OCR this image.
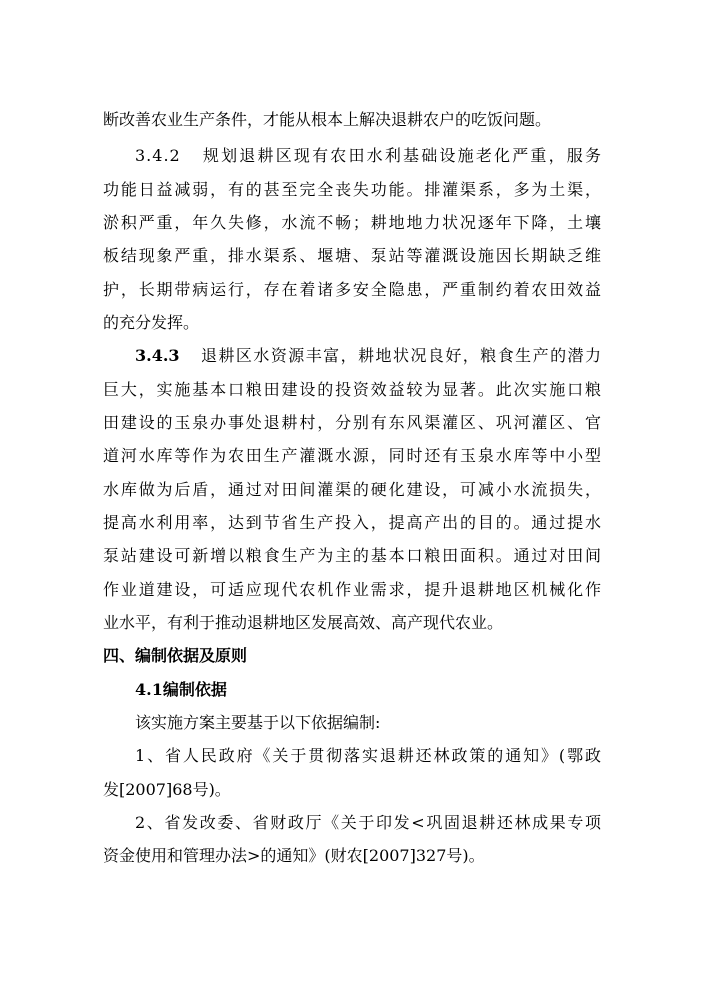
断改善农业生产条件，才能从根本上解决退耕农户的吃饭问题。
3.4.2 规划退耕区现有农田水利基础设施老化严重，服务
功能日益减弱，有的甚至完全丧失功能。排灌渠系，多为土渠，
淤积严重，年久失修，水流不畅；耕地地力状况逐年下降，土壤
板结现象严重，排水渠系、堰塘、泵站等灌溉设施因长期缺乏维
护，长期带病运行，存在着诸多安全隐患，严重制约着农田效益
的充分发挥。
3.4.3 退耕区水资源丰富，耕地状况良好，粮食生产的潜力
巨大，实施基本口粮田建设的投资效益较为显著。此次实施口粮
田建设的玉泉办事处退耕村，分别有东风渠灌区、巩河灌区、官
道河水库等作为农田生产灌溉水源，同时还有玉泉水库等中小型
水库做为后盾，通过对田间灌渠的硬化建设，可减小水流损失，
提高水利用率，达到节省生产投入，提高产出的目的。通过提水
泵站建设可新增以粮食生产为主的基本口粮田面积。通过对田间
作业道建设，可适应现代农机作业需求，提升退耕地区机械化作
业水平，有利于推动退耕地区发展高效、高产现代农业。
四、编制依据及原则
4.1编制依据
该实施方案主要基于以下依据编制:
1、省人民政府《关于贯彻落实退耕还林政策的通知》(鄂政
发[2007]68号)。
2、省发改委、省财政厅《关于印发<巩固退耕还林成果专项
资金使用和管理办法>的通知》(财农[2007]327号)。
